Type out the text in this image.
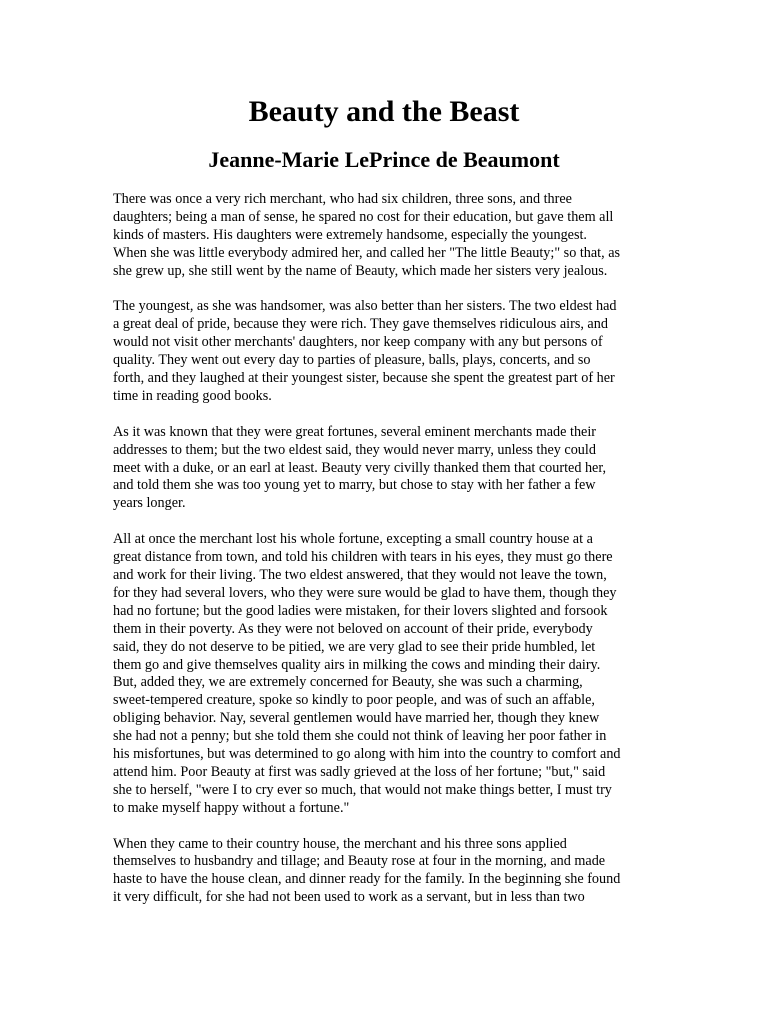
Beauty and the Beast
Jeanne-Marie LePrince de Beaumont

There was once a very rich merchant, who had six children, three sons, and three
daughters; being a man of sense, he spared no cost for their education, but gave them all
kinds of masters. His daughters were extremely handsome, especially the youngest.
When she was little everybody admired her, and called her "The little Beauty;" so that, as
she grew up, she still went by the name of Beauty, which made her sisters very jealous.

The youngest, as she was handsomer, was also better than her sisters. The two eldest had
a great deal of pride, because they were rich. They gave themselves ridiculous airs, and
would not visit other merchants' daughters, nor keep company with any but persons of
quality. They went out every day to parties of pleasure, balls, plays, concerts, and so
forth, and they laughed at their youngest sister, because she spent the greatest part of her
time in reading good books.

As it was known that they were great fortunes, several eminent merchants made their
addresses to them; but the two eldest said, they would never marry, unless they could
meet with a duke, or an earl at least. Beauty very civilly thanked them that courted her,
and told them she was too young yet to marry, but chose to stay with her father a few
years longer.

All at once the merchant lost his whole fortune, excepting a small country house at a
great distance from town, and told his children with tears in his eyes, they must go there
and work for their living. The two eldest answered, that they would not leave the town,
for they had several lovers, who they were sure would be glad to have them, though they
had no fortune; but the good ladies were mistaken, for their lovers slighted and forsook
them in their poverty. As they were not beloved on account of their pride, everybody
said, they do not deserve to be pitied, we are very glad to see their pride humbled, let
them go and give themselves quality airs in milking the cows and minding their dairy.
But, added they, we are extremely concerned for Beauty, she was such a charming,
sweet-tempered creature, spoke so kindly to poor people, and was of such an affable,
obliging behavior. Nay, several gentlemen would have married her, though they knew
she had not a penny; but she told them she could not think of leaving her poor father in
his misfortunes, but was determined to go along with him into the country to comfort and
attend him. Poor Beauty at first was sadly grieved at the loss of her fortune; "but," said
she to herself, "were I to cry ever so much, that would not make things better, I must try
to make myself happy without a fortune."

When they came to their country house, the merchant and his three sons applied
themselves to husbandry and tillage; and Beauty rose at four in the morning, and made
haste to have the house clean, and dinner ready for the family. In the beginning she found
it very difficult, for she had not been used to work as a servant, but in less than two
